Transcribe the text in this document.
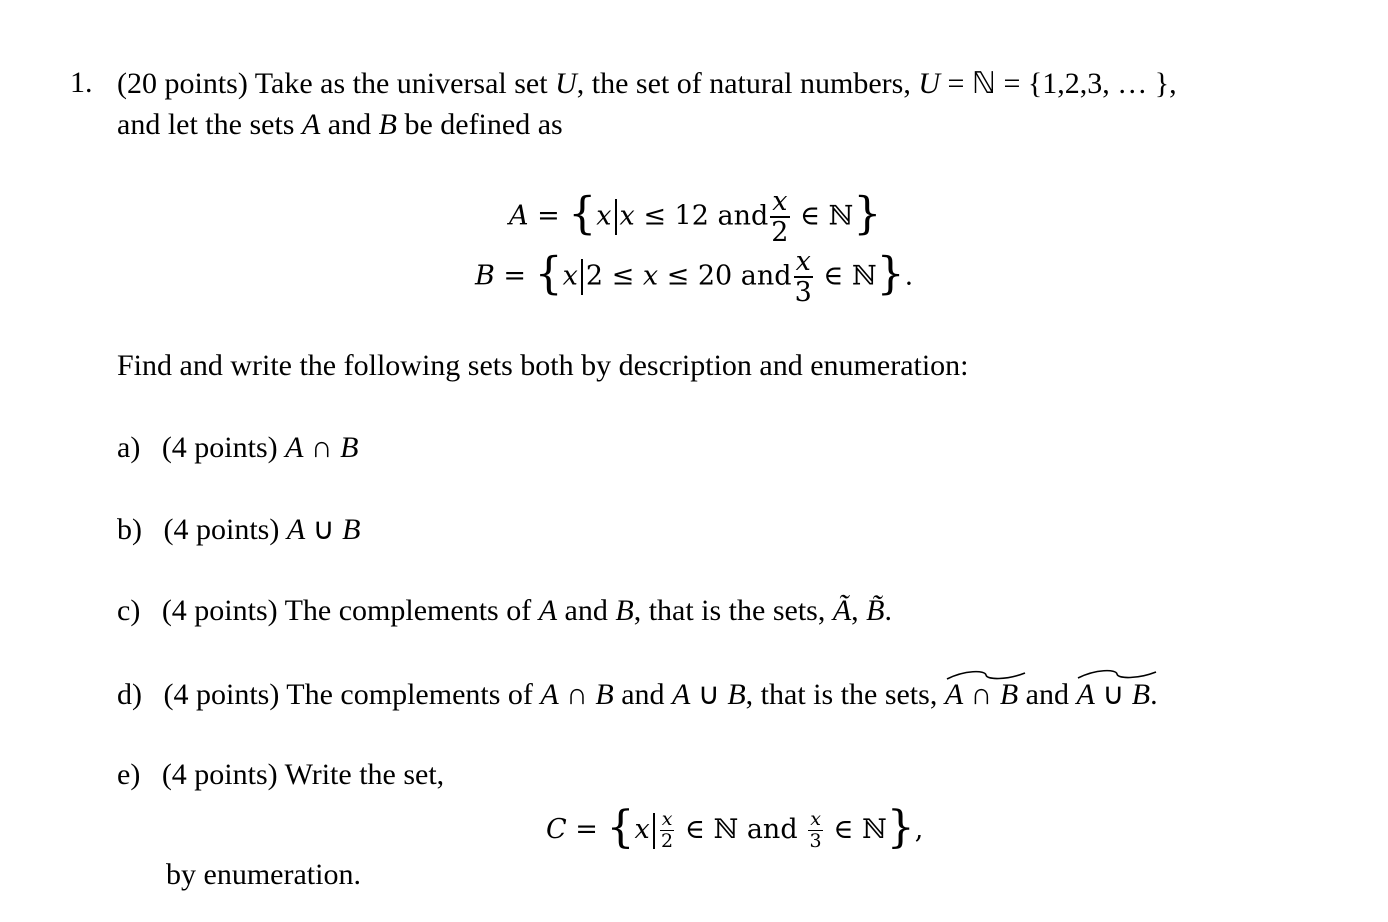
1. (20 points) Take as the universal set U, the set of natural numbers, U = ℕ = {1,2,3, … },
and let the sets A and B be defined as
A = {x x ≤ 12 and $\frac{x}{2}$ ∈ ℕ}
B = {x 2 ≤ x ≤ 20 and $\frac{x}{3}$ ∈ ℕ}.
Find and write the following sets both by description and enumeration:
a) (4 points) A ∩ B
b) (4 points) A ∪ B
c) (4 points) The complements of A and B, that is the sets, Ã, B̃.
d) (4 points) The complements of A ∩ B and A ∪ B, that is the sets,
A ∩ B and
A ∪ B.
e) (4 points) Write the set,
$C = \{x \frac{x}{2}$ ∈ ℕ and $\frac{x}{3}$ ∈ ℕ},
by enumeration.
